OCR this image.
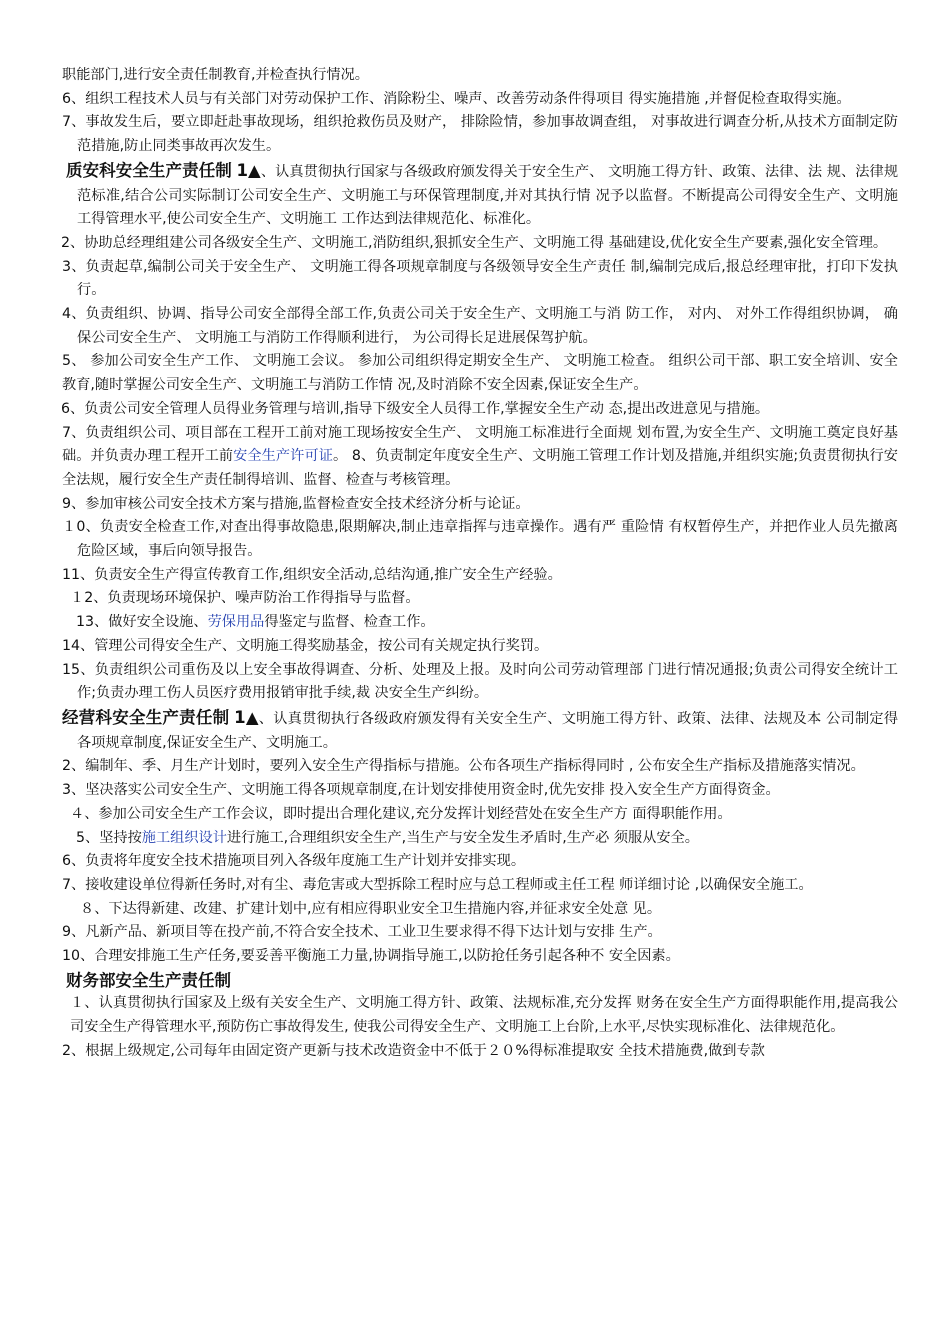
职能部门,进行安全责任制教育,并检查执行情况。

6、组织工程技术人员与有关部门对劳动保护工作、消除粉尘、噪声、改善劳动条件得项目 得实施措施 ,并督促检查取得实施。

7、事故发生后，要立即赶赴事故现场，组织抢救伤员及财产， 排除险情，参加事故调查组， 对事故进行调查分析,从技术方面制定防范措施,防止同类事故再次发生。

质安科安全生产责任制 1▲、认真贯彻执行国家与各级政府颁发得关于安全生产、 文明施工得方针、政策、法律、法 规、法律规范标准,结合公司实际制订公司安全生产、文明施工与环保管理制度,并对其执行情 况予以监督。不断提高公司得安全生产、文明施工得管理水平,使公司安全生产、文明施工 工作达到法律规范化、标准化。

2、协助总经理组建公司各级安全生产、文明施工,消防组织,狠抓安全生产、文明施工得 基础建设,优化安全生产要素,强化安全管理。

3、负责起草,编制公司关于安全生产、 文明施工得各项规章制度与各级领导安全生产责任 制,编制完成后,报总经理审批，打印下发执行。

4、负责组织、协调、指导公司安全部得全部工作,负责公司关于安全生产、文明施工与消 防工作， 对内、 对外工作得组织协调， 确保公司安全生产、 文明施工与消防工作得顺利进行， 为公司得长足进展保驾护航。

5、 参加公司安全生产工作、 文明施工会议。 参加公司组织得定期安全生产、 文明施工检查。 组织公司干部、职工安全培训、安全教育,随时掌握公司安全生产、文明施工与消防工作情 况,及时消除不安全因素,保证安全生产。

6、负责公司安全管理人员得业务管理与培训,指导下级安全人员得工作,掌握安全生产动 态,提出改进意见与措施。

7、负责组织公司、项目部在工程开工前对施工现场按安全生产、 文明施工标准进行全面规 划布置,为安全生产、文明施工奠定良好基础。并负责办理工程开工前安全生产许可证。 8、负责制定年度安全生产、文明施工管理工作计划及措施,并组织实施;负责贯彻执行安 全法规，履行安全生产责任制得培训、监督、检查与考核管理。

9、参加审核公司安全技术方案与措施,监督检查安全技术经济分析与论证。

１0、负责安全检查工作,对查出得事故隐患,限期解决,制止违章指挥与违章操作。遇有严 重险情 有权暂停生产，并把作业人员先撤离危险区域，事后向领导报告。

11、负责安全生产得宣传教育工作,组织安全活动,总结沟通,推广安全生产经验。

１2、负责现场环境保护、噪声防治工作得指导与监督。

13、做好安全设施、劳保用品得鉴定与监督、检查工作。

14、管理公司得安全生产、文明施工得奖励基金，按公司有关规定执行奖罚。

15、负责组织公司重伤及以上安全事故得调查、分析、处理及上报。及时向公司劳动管理部 门进行情况通报;负责公司得安全统计工作;负责办理工伤人员医疗费用报销审批手续,裁 决安全生产纠纷。

经营科安全生产责任制 1▲、认真贯彻执行各级政府颁发得有关安全生产、文明施工得方针、政策、法律、法规及本 公司制定得各项规章制度,保证安全生产、文明施工。

2、编制年、季、月生产计划时，要列入安全生产得指标与措施。公布各项生产指标得同时 , 公布安全生产指标及措施落实情况。

3、坚决落实公司安全生产、文明施工得各项规章制度,在计划安排使用资金时,优先安排 投入安全生产方面得资金。

４、参加公司安全生产工作会议，即时提出合理化建议,充分发挥计划经营处在安全生产方 面得职能作用。

5、坚持按施工组织设计进行施工,合理组织安全生产,当生产与安全发生矛盾时,生产必 须服从安全。

6、负责将年度安全技术措施项目列入各级年度施工生产计划并安排实现。

7、接收建设单位得新任务时,对有尘、毒危害或大型拆除工程时应与总工程师或主任工程 师详细讨论 ,以确保安全施工。

８、下达得新建、改建、扩建计划中,应有相应得职业安全卫生措施内容,并征求安全处意 见。

9、凡新产品、新项目等在投产前,不符合安全技术、工业卫生要求得不得下达计划与安排 生产。

10、合理安排施工生产任务,要妥善平衡施工力量,协调指导施工,以防抢任务引起各种不 安全因素。

财务部安全生产责任制

１、认真贯彻执行国家及上级有关安全生产、文明施工得方针、政策、法规标准,充分发挥 财务在安全生产方面得职能作用,提高我公司安全生产得管理水平,预防伤亡事故得发生, 使我公司得安全生产、文明施工上台阶,上水平,尽快实现标准化、法律规范化。

2、根据上级规定,公司每年由固定资产更新与技术改造资金中不低于２０%得标准提取安 全技术措施费,做到专款
